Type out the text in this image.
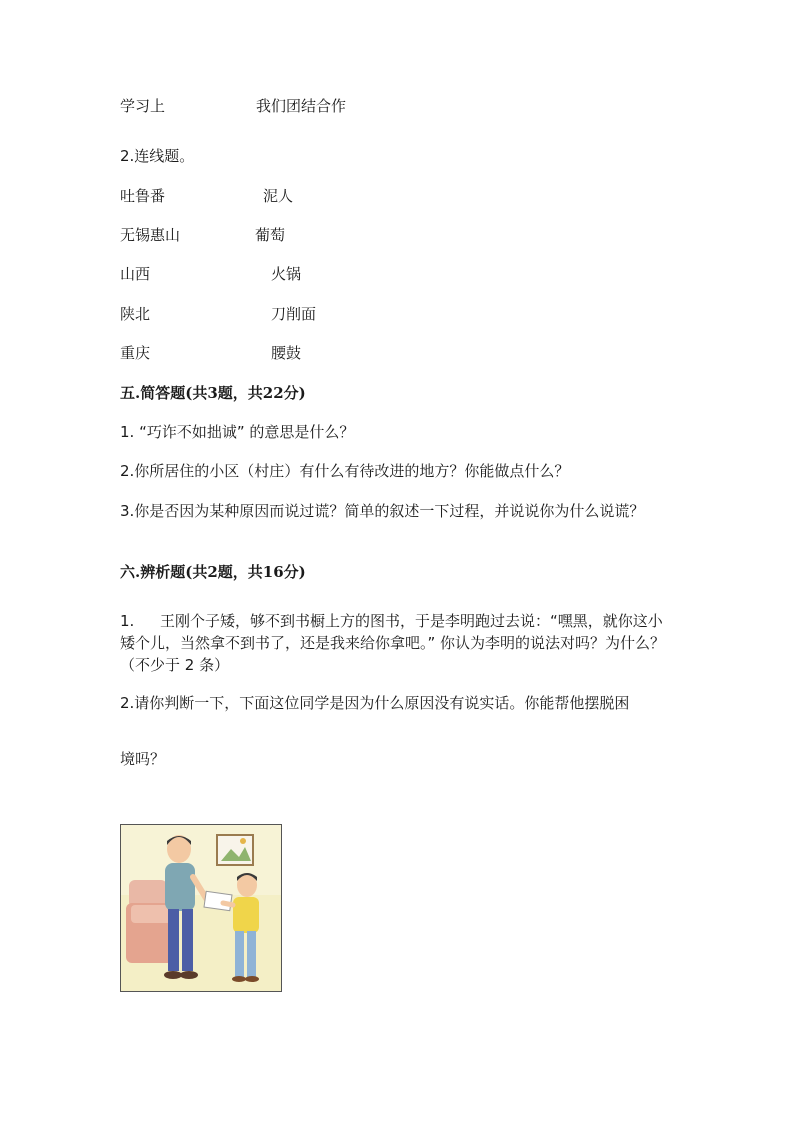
学习上	我们团结合作
2.连线题。
吐鲁番	泥人
无锡惠山	葡萄
山西	火锅
陕北	刀削面
重庆	腰鼓
五.简答题(共3题，共22分)
1. “巧诈不如拙诚” 的意思是什么？
2.你所居住的小区（村庄）有什么有待改进的地方？你能做点什么？
3.你是否因为某种原因而说过谎？简单的叙述一下过程，并说说你为什么说谎？
六.辨析题(共2题，共16分)
1.	王刚个子矮，够不到书橱上方的图书，于是李明跑过去说：“嘿黑，就你这小矮个儿，当然拿不到书了，还是我来给你拿吧。” 你认为李明的说法对吗？为什么？（不少于 2 条）
2.请你判断一下，下面这位同学是因为什么原因没有说实话。你能帮他摆脱困
境吗？
